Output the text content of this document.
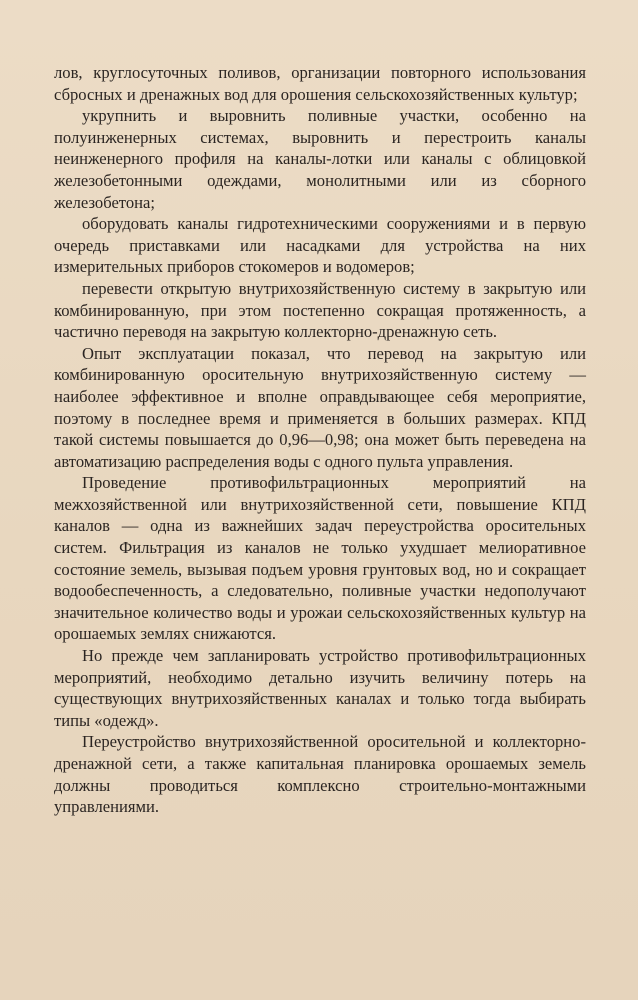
лов, круглосуточных поливов, организации повторного использования сбросных и дренажных вод для орошения сельскохозяйственных культур;

укрупнить и выровнить поливные участки, особенно на полуинженерных системах, выровнить и перестроить каналы неинженерного профиля на каналы-лотки или каналы с облицовкой железобетонными одеждами, монолитными или из сборного железобетона;

оборудовать каналы гидротехническими сооружениями и в первую очередь приставками или насадками для устройства на них измерительных приборов стокомеров и водомеров;

перевести открытую внутрихозяйственную систему в закрытую или комбинированную, при этом постепенно сокращая протяженность, а частично переводя на закрытую коллекторно-дренажную сеть.

Опыт эксплуатации показал, что перевод на закрытую или комбинированную оросительную внутрихозяйственную систему — наиболее эффективное и вполне оправдывающее себя мероприятие, поэтому в последнее время и применяется в больших размерах. КПД такой системы повышается до 0,96—0,98; она может быть переведена на автоматизацию распределения воды с одного пульта управления.

Проведение противофильтрационных мероприятий на межхозяйственной или внутрихозяйственной сети, повышение КПД каналов — одна из важнейших задач переустройства оросительных систем. Фильтрация из каналов не только ухудшает мелиоративное состояние земель, вызывая подъем уровня грунтовых вод, но и сокращает водообеспеченность, а следовательно, поливные участки недополучают значительное количество воды и урожаи сельскохозяйственных культур на орошаемых землях снижаются.

Но прежде чем запланировать устройство противофильтрационных мероприятий, необходимо детально изучить величину потерь на существующих внутрихозяйственных каналах и только тогда выбирать типы «одежд».

Переустройство внутрихозяйственной оросительной и коллекторно-дренажной сети, а также капитальная планировка орошаемых земель должны проводиться комплексно строительно-монтажными управлениями.
